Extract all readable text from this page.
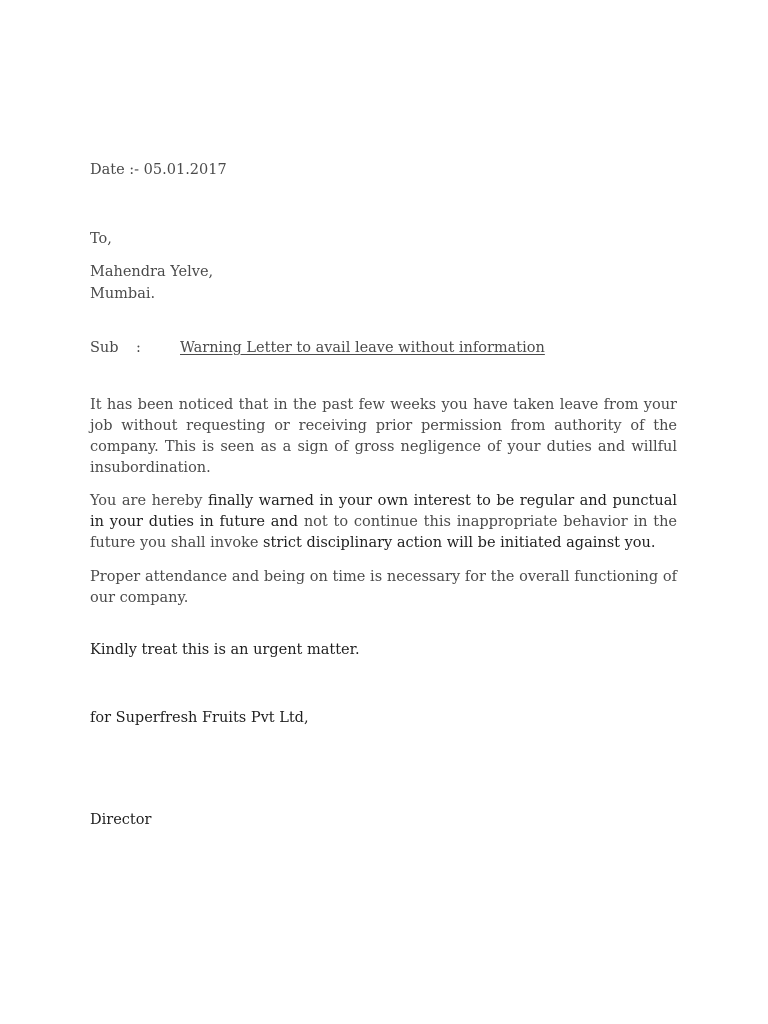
Date :- 05.01.2017

To,

Mahendra Yelve,

Mumbai.

Sub :	Warning Letter to avail leave without information

It has been noticed that in the past few weeks you have taken leave from your job without requesting or receiving prior permission from authority of the company. This is seen as a sign of gross negligence of your duties and willful insubordination.

You are hereby finally warned in your own interest to be regular and punctual in your duties in future and not to continue this inappropriate behavior in the future you shall invoke strict disciplinary action will be initiated against you.

Proper attendance and being on time is necessary for the overall functioning of our company.

Kindly treat this is an urgent matter.

for Superfresh Fruits Pvt Ltd,

Director
